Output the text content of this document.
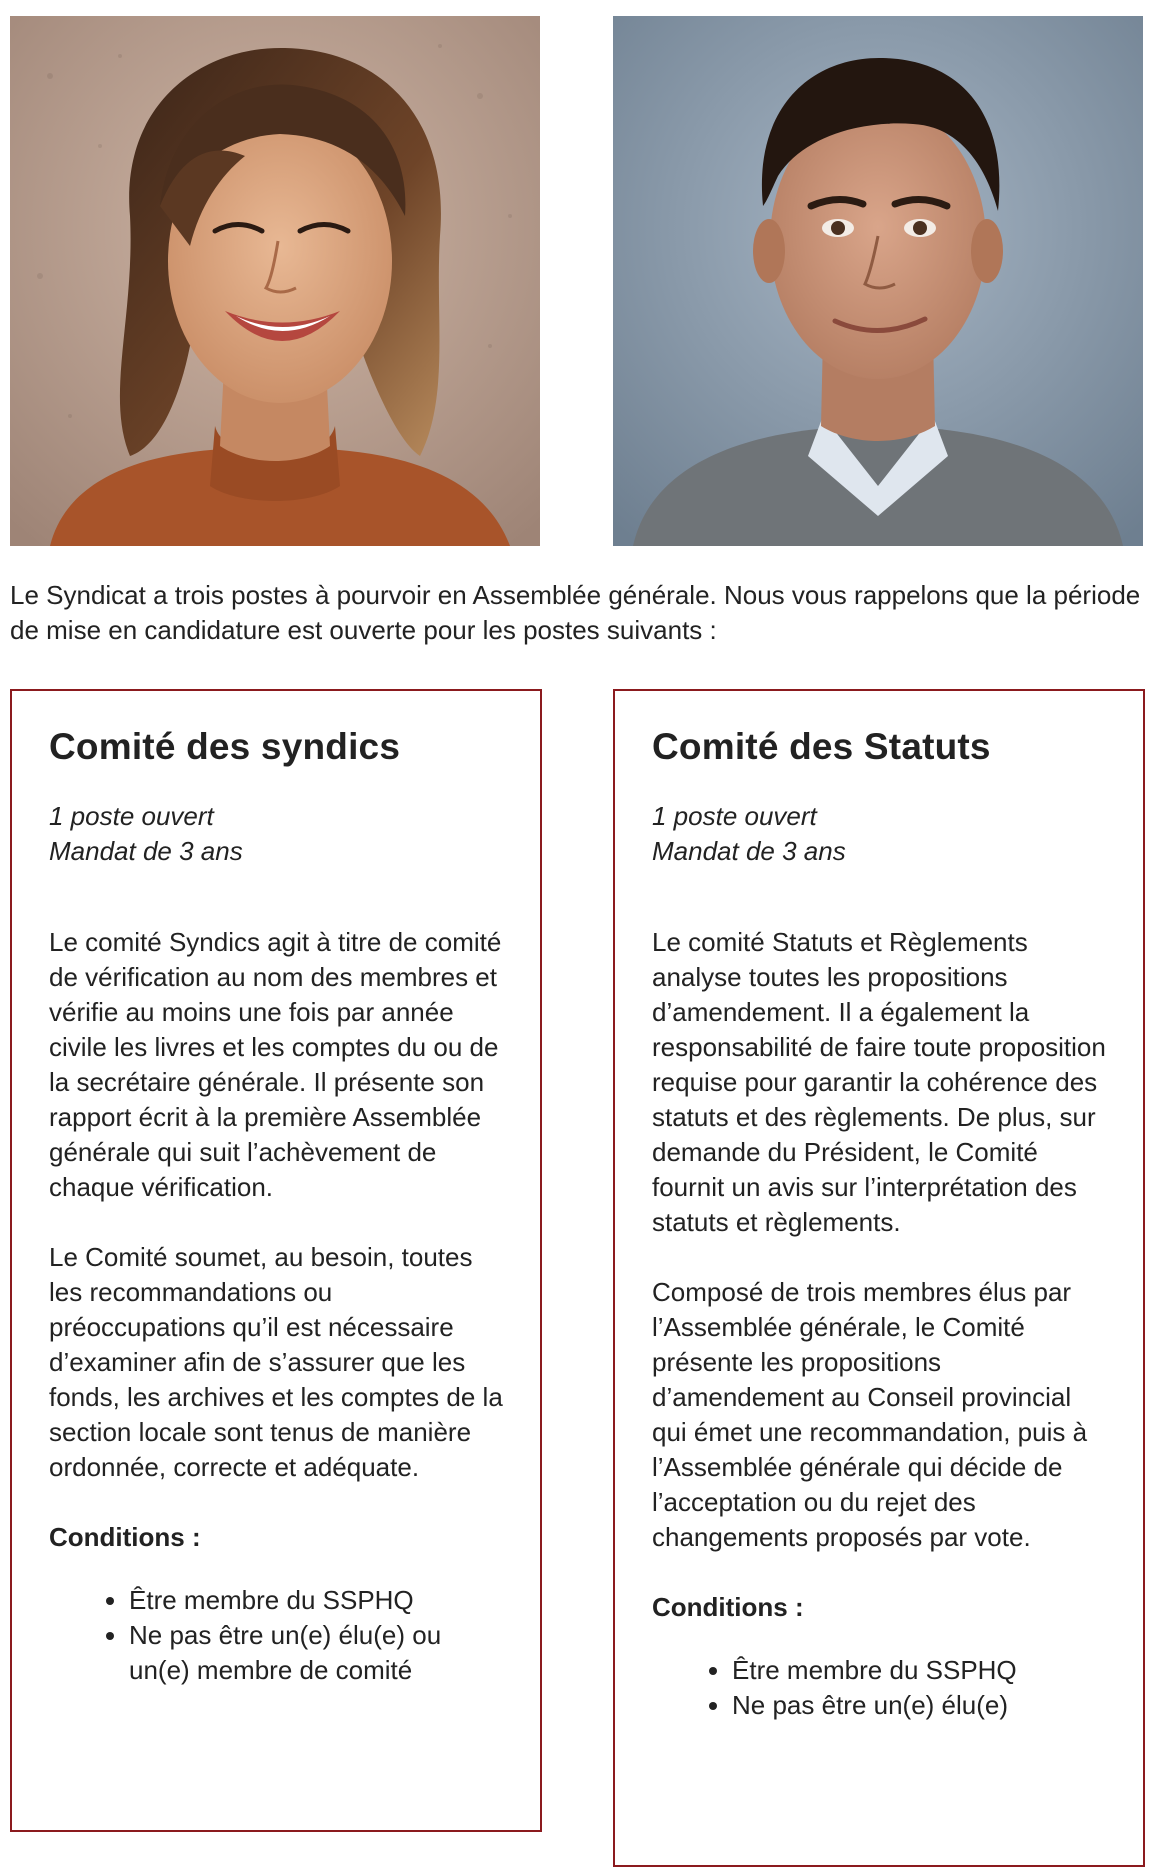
Le Syndicat a trois postes à pourvoir en Assemblée générale. Nous vous rappelons que la période de mise en candidature est ouverte pour les postes suivants :

Comité des syndics

1 poste ouvert
Mandat de 3 ans

Le comité Syndics agit à titre de comité de vérification au nom des membres et vérifie au moins une fois par année civile les livres et les comptes du ou de la secrétaire générale. Il présente son rapport écrit à la première Assemblée générale qui suit l’achèvement de chaque vérification.

Le Comité soumet, au besoin, toutes les recommandations ou préoccupations qu’il est nécessaire d’examiner afin de s’assurer que les fonds, les archives et les comptes de la section locale sont tenus de manière ordonnée, correcte et adéquate.

Conditions :

• Être membre du SSPHQ
• Ne pas être un(e) élu(e) ou un(e) membre de comité
Comité des Statuts

1 poste ouvert
Mandat de 3 ans

Le comité Statuts et Règlements analyse toutes les propositions d’amendement. Il a également la responsabilité de faire toute proposition requise pour garantir la cohérence des statuts et des règlements. De plus, sur demande du Président, le Comité fournit un avis sur l’interprétation des statuts et règlements.

Composé de trois membres élus par l’Assemblée générale, le Comité présente les propositions d’amendement au Conseil provincial qui émet une recommandation, puis à l’Assemblée générale qui décide de l’acceptation ou du rejet des changements proposés par vote.

Conditions :

• Être membre du SSPHQ
• Ne pas être un(e) élu(e)
